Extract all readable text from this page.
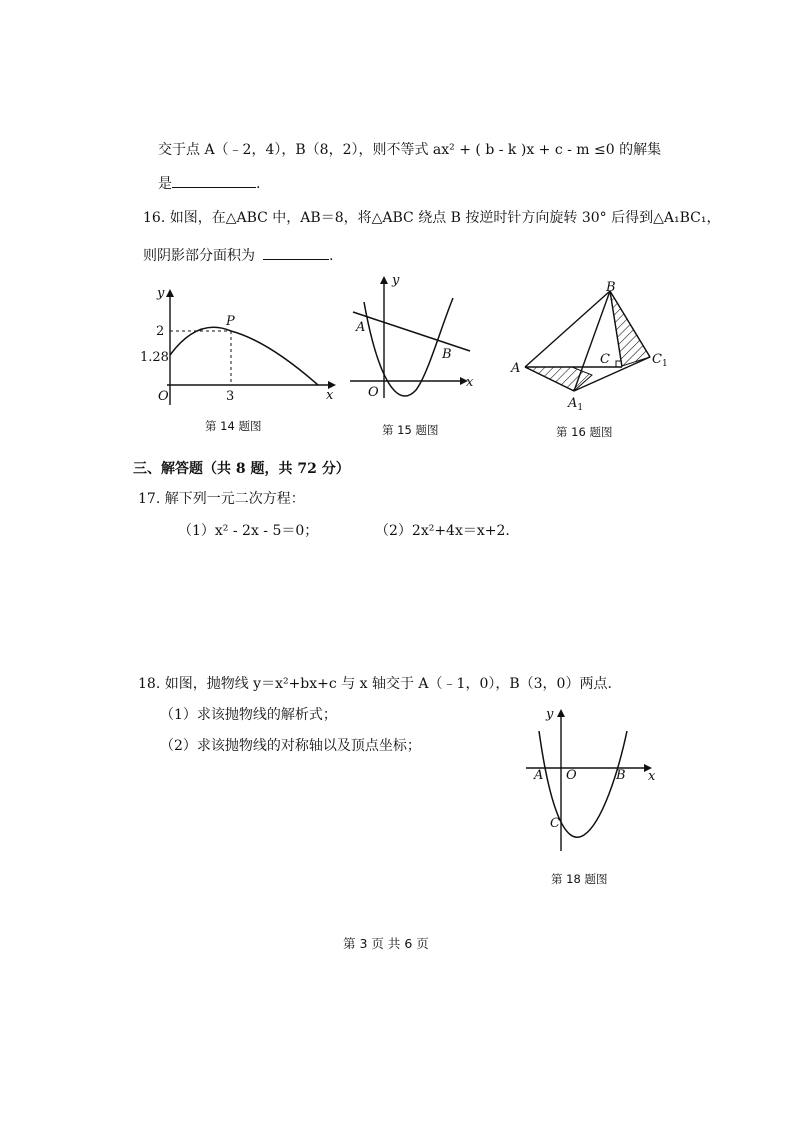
交于点 A（﹣2，4），B（8，2），则不等式 ax² + ( b - k )x + c - m ≤0 的解集
是	.
16. 如图，在△ABC 中，AB＝8，将△ABC 绕点 B 按逆时针方向旋转 30° 后得到△A₁BC₁，
则阴影部分面积为	.
y
x
O
P
2
1.28
3
第 14 题图
y
x
O
A
B
第 15 题图
B
A
C	$C_1$
$A_1$
第 16 题图
三、解答题（共 8 题，共 72 分）
17. 解下列一元二次方程：
（1）x² - 2x - 5＝0；	（2）2x²+4x＝x+2.
18. 如图，抛物线 y＝x²+bx+c 与 x 轴交于 A（﹣1，0），B（3，0）两点.
（1）求该抛物线的解析式；
（2）求该抛物线的对称轴以及顶点坐标；
y
x
O
A	B
C
第 18 题图
第 3 页 共 6 页
